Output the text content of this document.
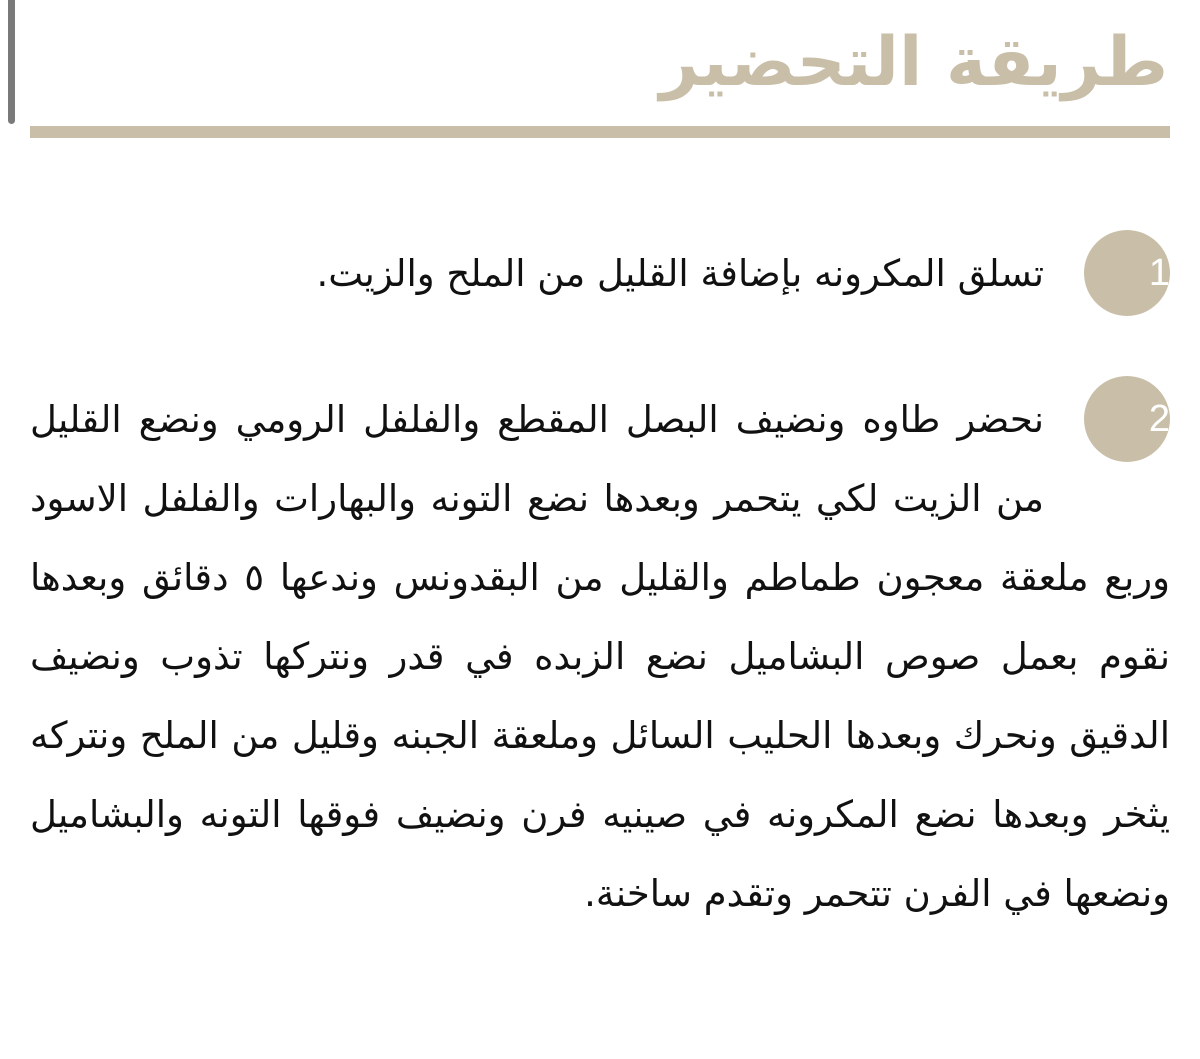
طريقة التحضير
1
تسلق المكرونه بإضافة القليل من الملح والزيت.
2
نحضر طاوه ونضيف البصل المقطع والفلفل الرومي ونضع القليل من الزيت لكي يتحمر وبعدها نضع التونه والبهارات والفلفل الاسود وربع ملعقة معجون طماطم والقليل من البقدونس وندعها ٥ دقائق وبعدها نقوم بعمل صوص البشاميل نضع الزبده في قدر ونتركها تذوب ونضيف الدقيق ونحرك وبعدها الحليب السائل وملعقة الجبنه وقليل من الملح ونتركه يثخر وبعدها نضع المكرونه في صينيه فرن ونضيف فوقها التونه والبشاميل ونضعها في الفرن تتحمر وتقدم ساخنة.
